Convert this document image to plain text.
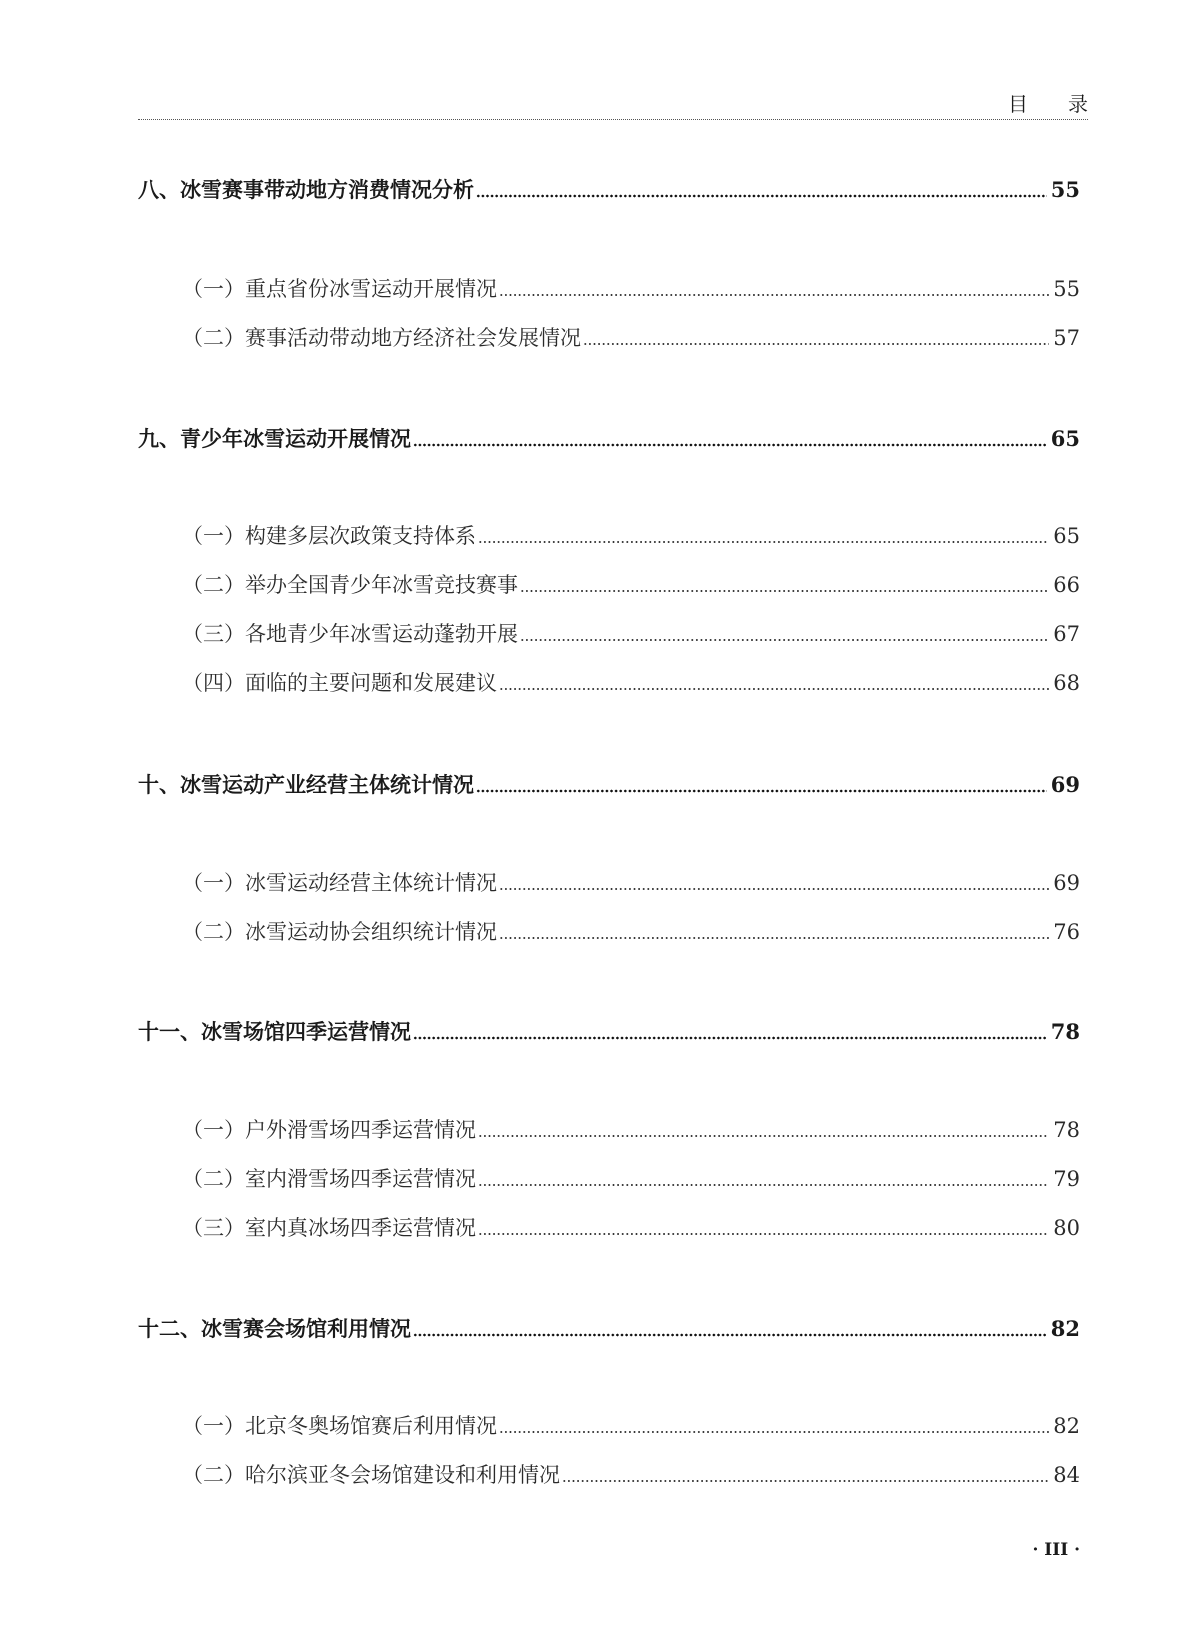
目　　录
八、冰雪赛事带动地方消费情况分析	55
（一）重点省份冰雪运动开展情况	55
（二）赛事活动带动地方经济社会发展情况	57
九、青少年冰雪运动开展情况	65
（一）构建多层次政策支持体系	65
（二）举办全国青少年冰雪竞技赛事	66
（三）各地青少年冰雪运动蓬勃开展	67
（四）面临的主要问题和发展建议	68
十、冰雪运动产业经营主体统计情况	69
（一）冰雪运动经营主体统计情况	69
（二）冰雪运动协会组织统计情况	76
十一、冰雪场馆四季运营情况	78
（一）户外滑雪场四季运营情况	78
（二）室内滑雪场四季运营情况	79
（三）室内真冰场四季运营情况	80
十二、冰雪赛会场馆利用情况	82
（一）北京冬奥场馆赛后利用情况	82
（二）哈尔滨亚冬会场馆建设和利用情况	84
· III ·
